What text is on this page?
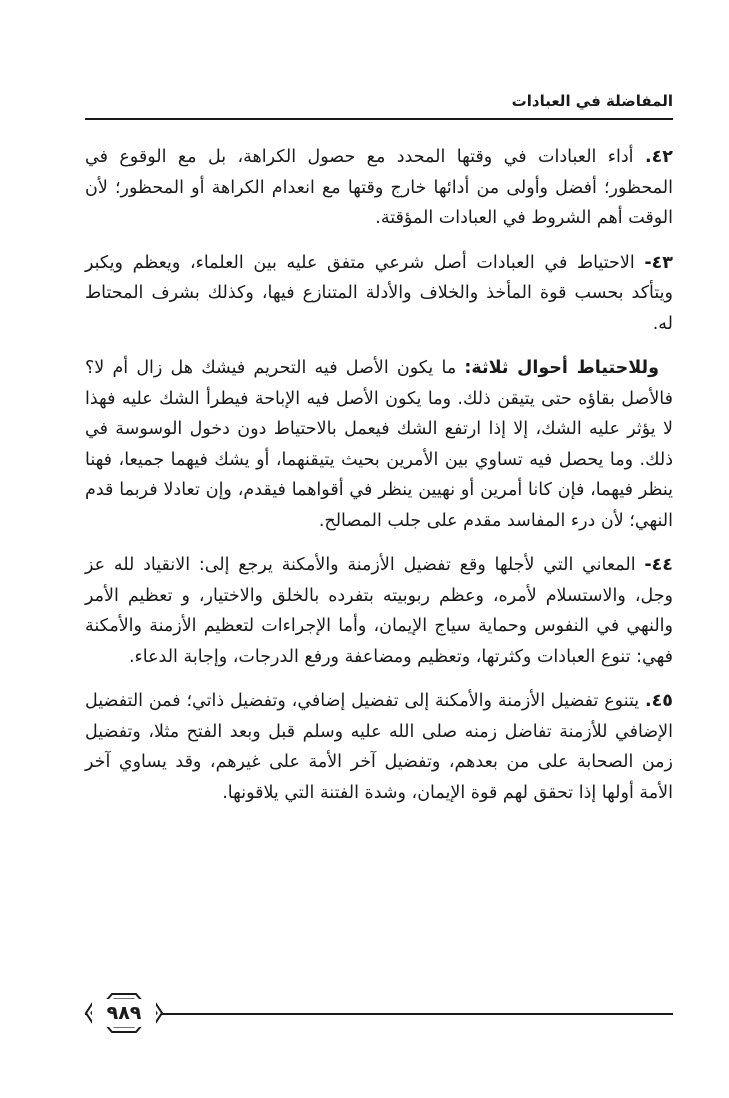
المفاضلة في العبادات

٤٢. أداء العبادات في وقتها المحدد مع حصول الكراهة، بل مع الوقوع في المحظور؛ أفضل وأولى من أدائها خارج وقتها مع انعدام الكراهة أو المحظور؛ لأن الوقت أهم الشروط في العبادات المؤقتة.

٤٣- الاحتياط في العبادات أصل شرعي متفق عليه بين العلماء، ويعظم ويكبر ويتأكد بحسب قوة المأخذ والخلاف والأدلة المتنازع فيها، وكذلك بشرف المحتاط له.

وللاحتياط أحوال ثلاثة: ما يكون الأصل فيه التحريم فيشك هل زال أم لا؟ فالأصل بقاؤه حتى يتيقن ذلك. وما يكون الأصل فيه الإباحة فيطرأ الشك عليه فهذا لا يؤثر عليه الشك، إلا إذا ارتفع الشك فيعمل بالاحتياط دون دخول الوسوسة في ذلك. وما يحصل فيه تساوي بين الأمرين بحيث يتيقنهما، أو يشك فيهما جميعا، فهنا ينظر فيهما، فإن كانا أمرين أو نهيين ينظر في أقواهما فيقدم، وإن تعادلا فربما قدم النهي؛ لأن درء المفاسد مقدم على جلب المصالح.

٤٤- المعاني التي لأجلها وقع تفضيل الأزمنة والأمكنة يرجع إلى: الانقياد لله عز وجل، والاستسلام لأمره، وعظم ربوبيته بتفرده بالخلق والاختيار، و تعظيم الأمر والنهي في النفوس وحماية سياج الإيمان، وأما الإجراءات لتعظيم الأزمنة والأمكنة فهي: تنوع العبادات وكثرتها، وتعظيم ومضاعفة ورفع الدرجات، وإجابة الدعاء.

٤٥. يتنوع تفضيل الأزمنة والأمكنة إلى تفضيل إضافي، وتفضيل ذاتي؛ فمن التفضيل الإضافي للأزمنة تفاضل زمنه صلى الله عليه وسلم قبل وبعد الفتح مثلا، وتفضيل زمن الصحابة على من بعدهم، وتفضيل آخر الأمة على غيرهم، وقد يساوي آخر الأمة أولها إذا تحقق لهم قوة الإيمان، وشدة الفتنة التي يلاقونها.

٩٨٩
